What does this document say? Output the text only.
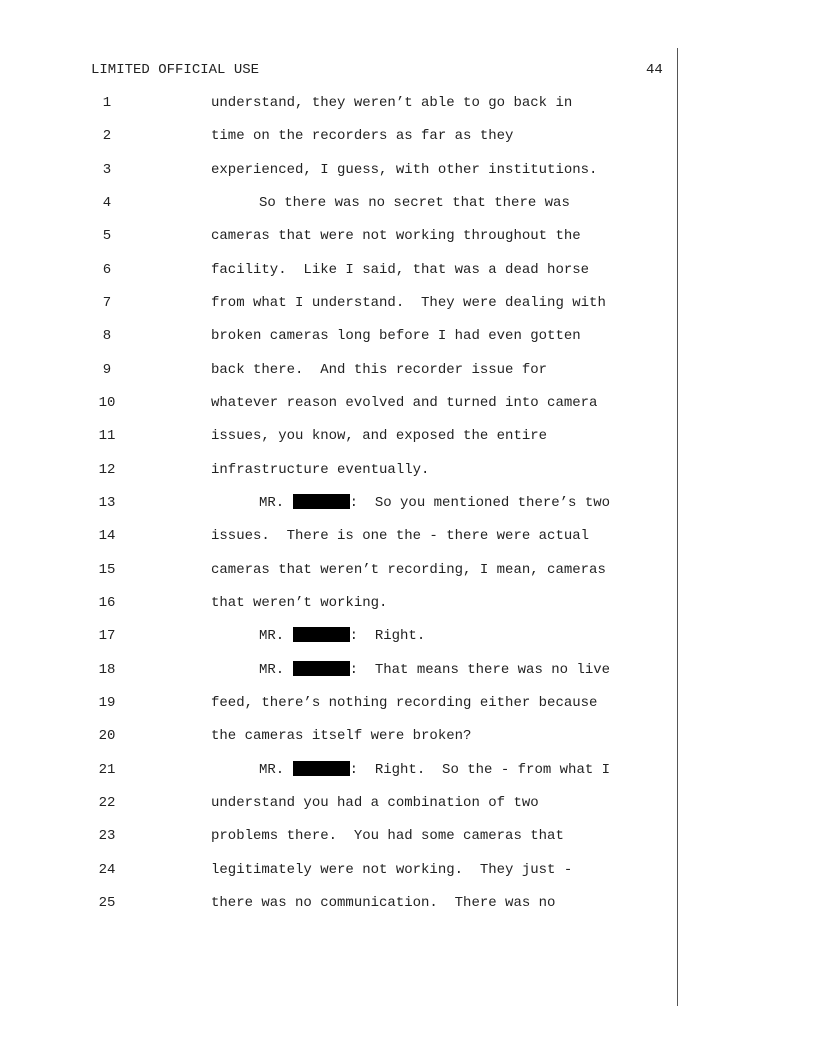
LIMITED OFFICIAL USE	44
1	understand, they weren’t able to go back in
2	time on the recorders as far as they
3	experienced, I guess, with other institutions.
4	So there was no secret that there was
5	cameras that were not working throughout the
6	facility.  Like I said, that was a dead horse
7	from what I understand.  They were dealing with
8	broken cameras long before I had even gotten
9	back there.  And this recorder issue for
10	whatever reason evolved and turned into camera
11	issues, you know, and exposed the entire
12	infrastructure eventually.
13	MR.	:  So you mentioned there’s two
14	issues.  There is one the - there were actual
15	cameras that weren’t recording, I mean, cameras
16	that weren’t working.
17	MR.	:  Right.
18	MR.	:  That means there was no live
19	feed, there’s nothing recording either because
20	the cameras itself were broken?
21	MR.	:  Right.  So the - from what I
22	understand you had a combination of two
23	problems there.  You had some cameras that
24	legitimately were not working.  They just -
25	there was no communication.  There was no
